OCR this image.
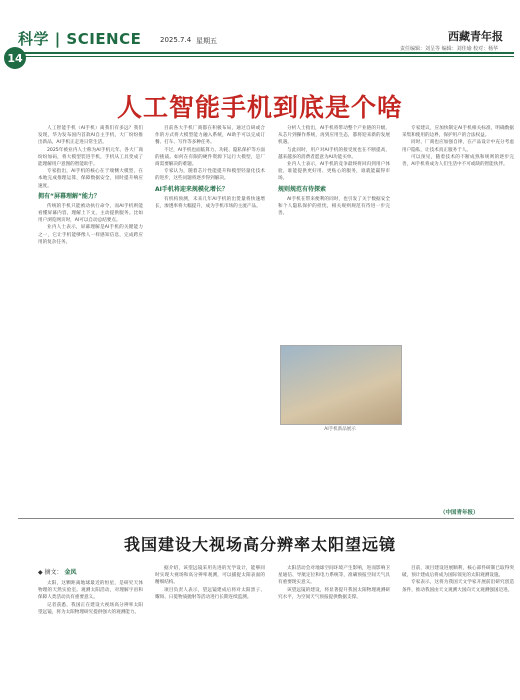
科学 | SCIENCE	2025.7.4 星期五	西藏青年报
责任编辑：刘呈等 编辑：刘佳瑜 校对：杨华
14
人工智能手机到底是个啥

人工智能手机（AI手机）离我们有多远？我们发现，华为发布国内首款AI自主手机，大厂纷纷推出新品，AI手机正走进日常生活。

2025年被业内人士称为AI手机元年。各大厂商纷纷加码，将大模型装进手机，手机从工具变成了能理解用户意图的智能助手。

专家指出，AI手机的核心在于端侧大模型，在本地完成推理运算，保障数据安全，同时提升响应速度。

拥有“屏幕理解”能力？

传统的手机只能被动执行命令，而AI手机则能看懂屏幕内容，理解上下文，主动提供服务。比如用户浏览网页时，AI可以自动总结要点。

业内人士表示，屏幕理解是AI手机的关键能力之一，它让手机能够像人一样感知信息，完成跨应用的复杂任务。

目前各大手机厂商都在积极布局，通过自研或合作的方式将大模型能力融入系统，AI助手可以完成订餐、打车、写作等多种任务。

不过，AI手机也面临算力、功耗、隐私保护等方面的挑战。如何在有限的硬件资源下运行大模型，是厂商需要解决的难题。

专家认为，随着芯片性能提升和模型轻量化技术的进步，这些问题将逐步得到解决。

AI手机将迎来规模化增长？

有机构预测，未来几年AI手机的出货量将快速增长，渗透率将大幅提升，成为手机市场的主流产品。

分析人士指出，AI手机将带动整个产业链的升级，从芯片到操作系统，再到应用生态，都将迎来新的发展机遇。

与此同时，用户对AI手机的接受度也在不断提高，越来越多的消费者愿意为AI功能买单。

业内人士表示，AI手机的竞争最终将回归到用户体验，谁能提供更好用、更贴心的服务，谁就能赢得市场。

规则规范有待探索

AI手机在带来便利的同时，也引发了关于数据安全和个人隐私保护的担忧，相关规则规范有待进一步完善。

AI手机新品展示

专家建议，应加快制定AI手机相关标准，明确数据采集和使用的边界，保护用户的合法权益。

同时，厂商也应加强自律，在产品设计中充分考虑用户隐私，让技术真正服务于人。

可以预见，随着技术的不断成熟和规则的逐步完善，AI手机将成为人们生活中不可或缺的智能伙伴。

（中国青年报）
我国建设大视场高分辨率太阳望远镜
◆ 摘文： 金凤

太阳，这颗距离地球最近的恒星，是研究天体物理的天然实验室。观测太阳活动，对理解宇宙和保障人类活动具有重要意义。

记者获悉，我国正在建设大视场高分辨率太阳望远镜，将为太阳物理研究提供强大的观测能力。

据介绍，该望远镜采用先进的光学设计，能够同时实现大视场和高分辨率观测，可以捕捉太阳表面的精细结构。

项目负责人表示，望远镜建成后将对太阳黑子、耀斑、日冕物质抛射等活动进行长期连续监测。

太阳活动会对地球空间环境产生影响，进而影响卫星通信、导航定位和电力系统等，准确预报空间天气具有重要现实意义。

该望远镜的建设，将显著提升我国太阳物理观测研究水平，为空间天气预报提供数据支撑。

目前，项目建设进展顺利，核心部件研制已取得突破，预计建成后将成为国际领先的太阳观测设施。

专家表示，这将为我国天文学家开展前沿研究创造条件，推动我国由天文观测大国向天文观测强国迈进。
